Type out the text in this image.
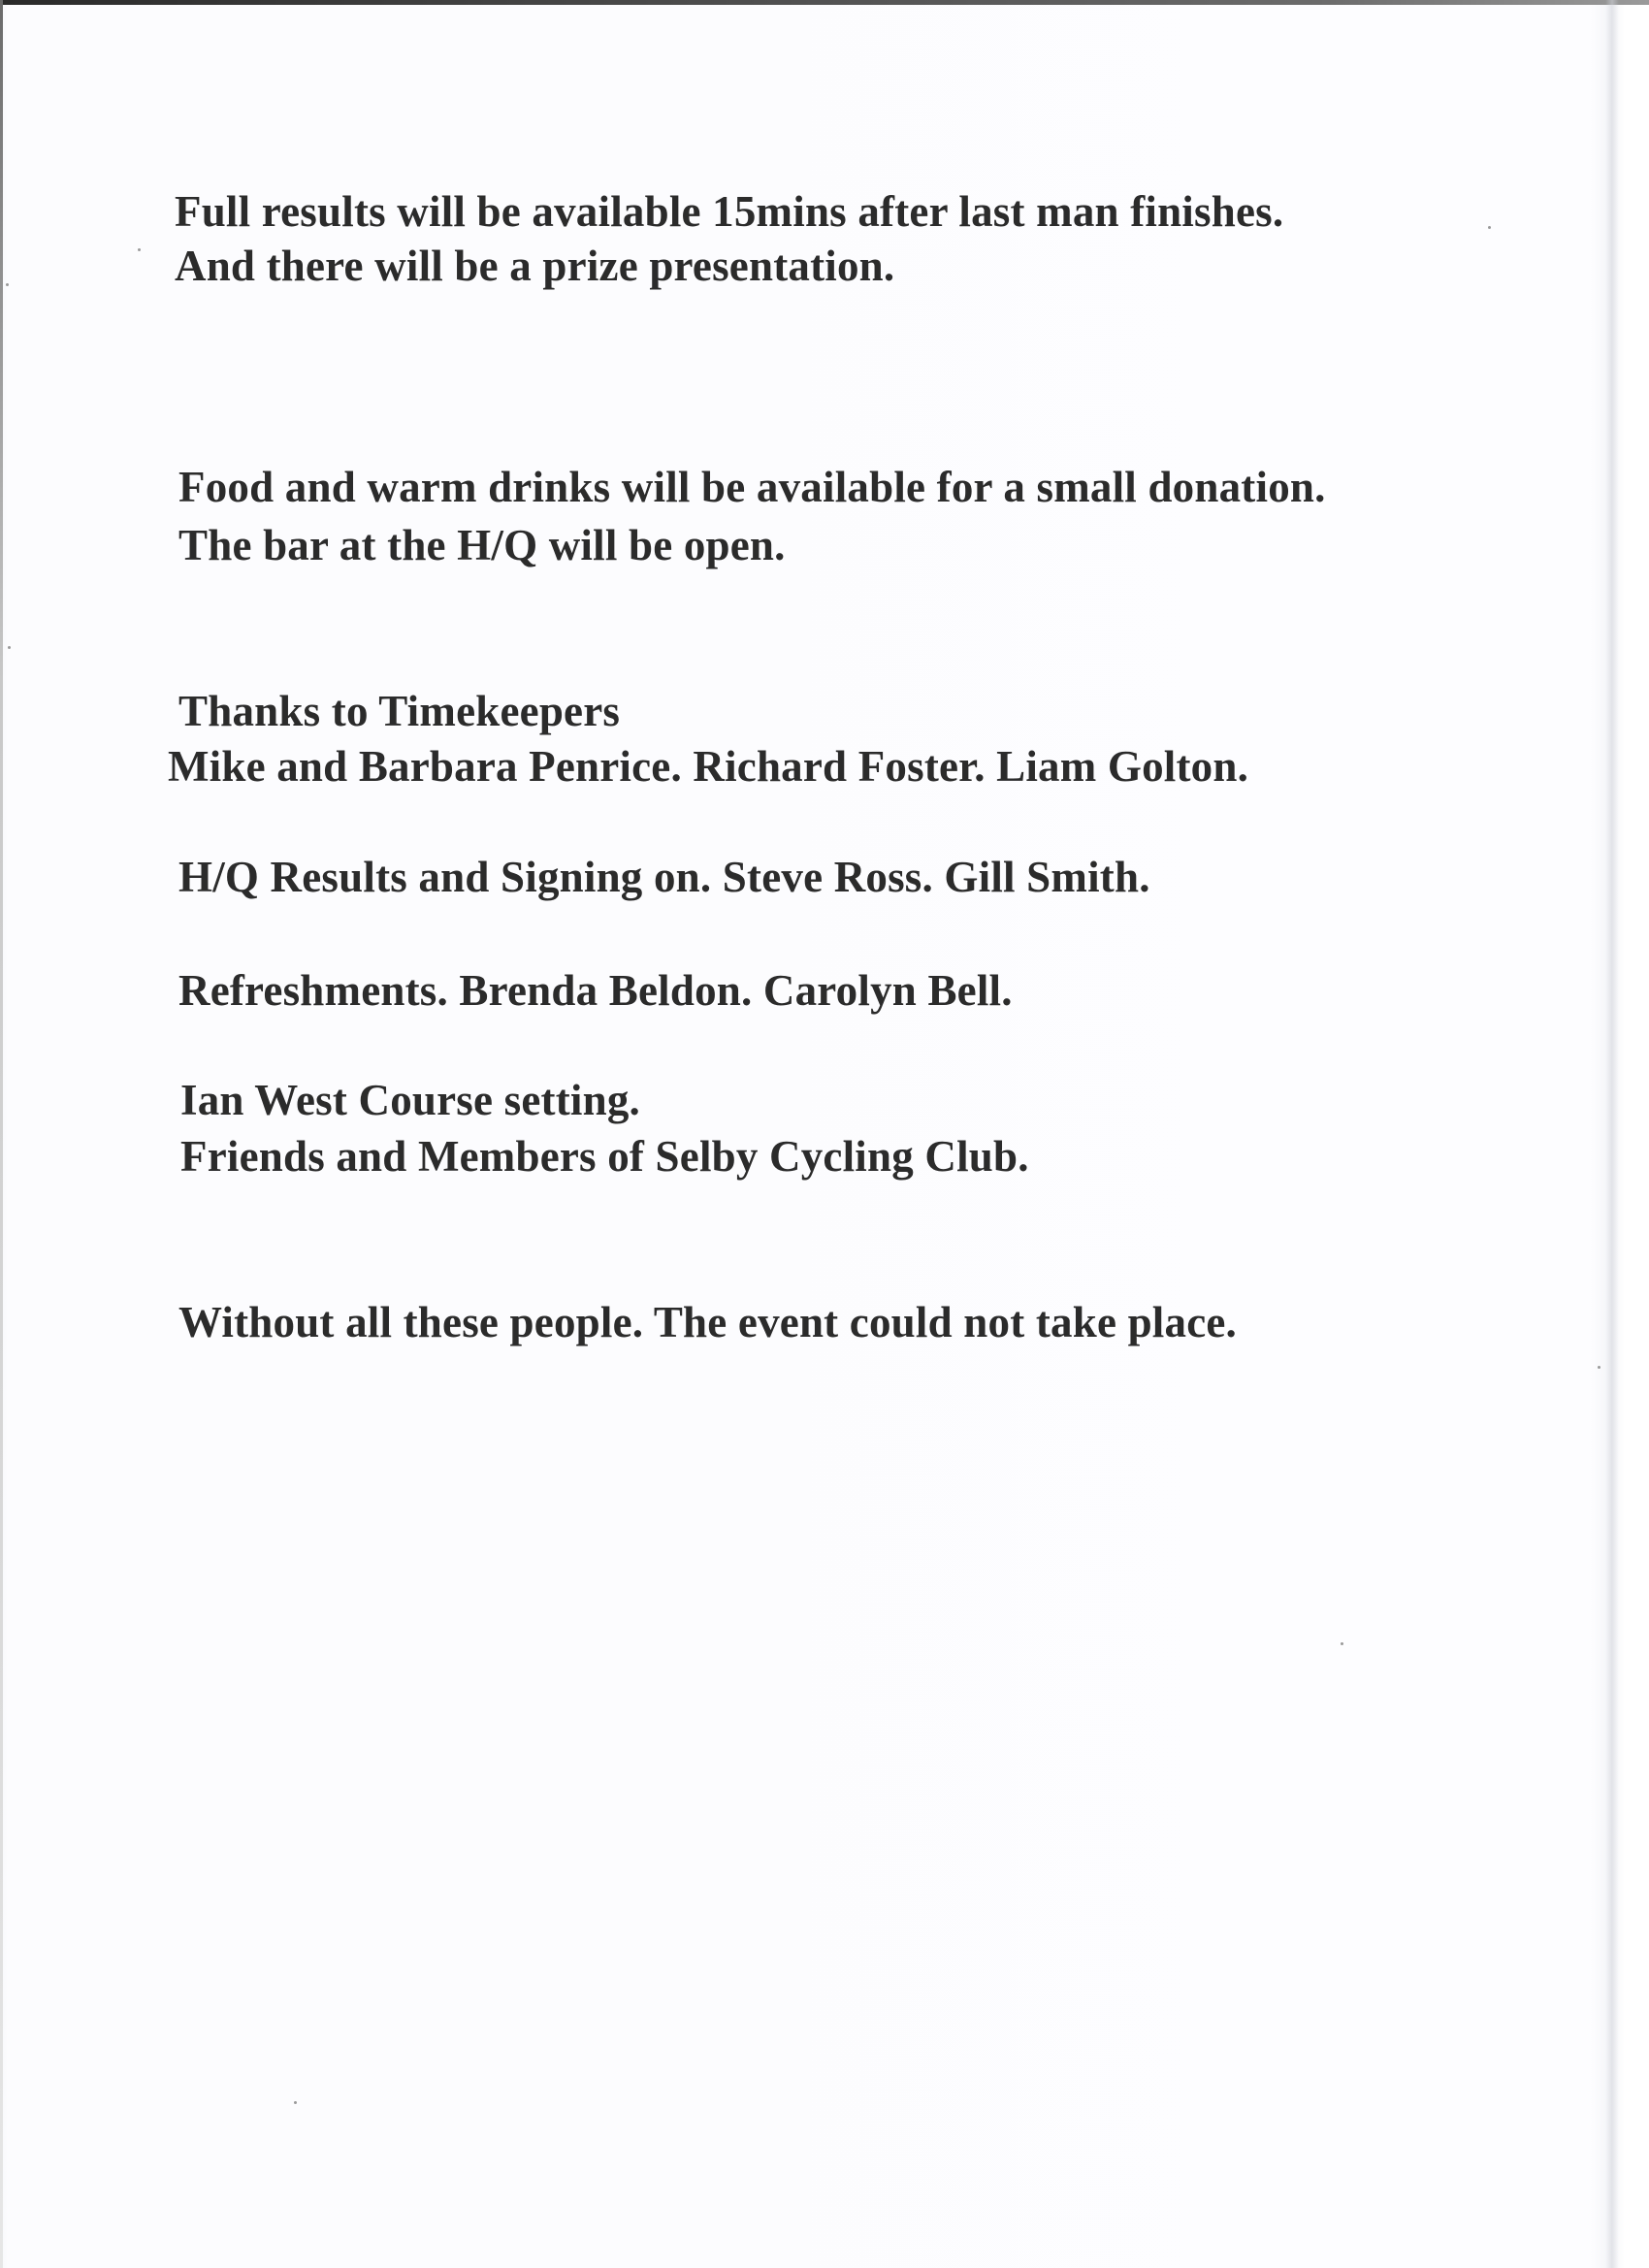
Full results will be available 15mins after last man finishes.

And there will be a prize presentation.

Food and warm drinks will be available for a small donation.

The bar at the H/Q will be open.

Thanks to Timekeepers

Mike and Barbara Penrice. Richard Foster. Liam Golton.

H/Q Results and Signing on. Steve Ross. Gill Smith.

Refreshments. Brenda Beldon. Carolyn Bell.

Ian West Course setting.

Friends and Members of Selby Cycling Club.

Without all these people. The event could not take place.
